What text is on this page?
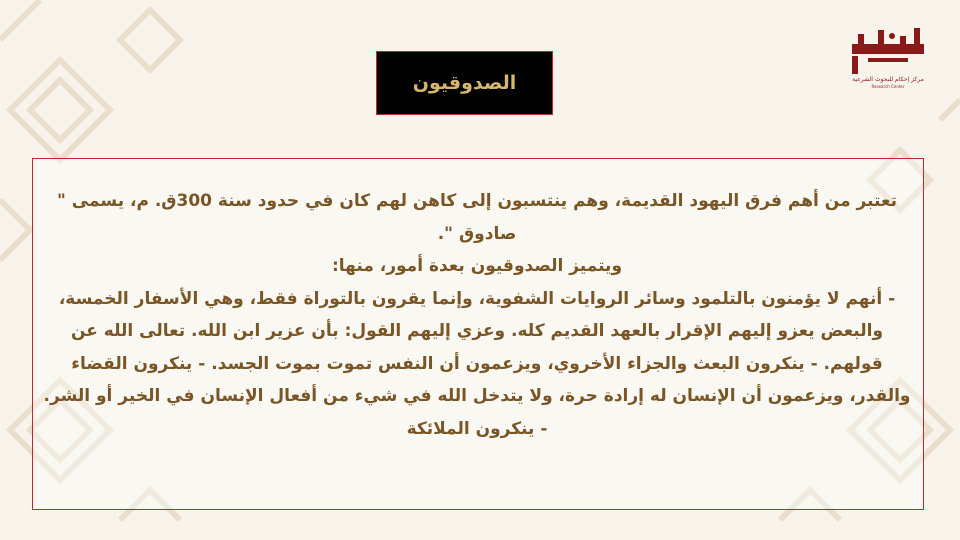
مركز إحكام للبحوث الشرعية
Research Center
الصدوقيون

تعتبر من أهم فرق اليهود القديمة، وهم ينتسبون إلى كاهن لهم كان في حدود سنة 300ق. م، يسمى " صادوق ".

ويتميز الصدوقيون بعدة أمور، منها:

- أنهم لا يؤمنون بالتلمود وسائر الروايات الشفوية، وإنما يقرون بالتوراة فقط، وهي الأسفار الخمسة، والبعض يعزو إليهم الإقرار بالعهد القديم كله. وعزي إليهم القول: بأن عزير ابن الله. تعالى الله عن قولهم. - ينكرون البعث والجزاء الأخروي، ويزعمون أن النفس تموت بموت الجسد. - ينكرون القضاء والقدر، ويزعمون أن الإنسان له إرادة حرة، ولا يتدخل الله في شيء من أفعال الإنسان في الخير أو الشر.

- ينكرون الملائكة
